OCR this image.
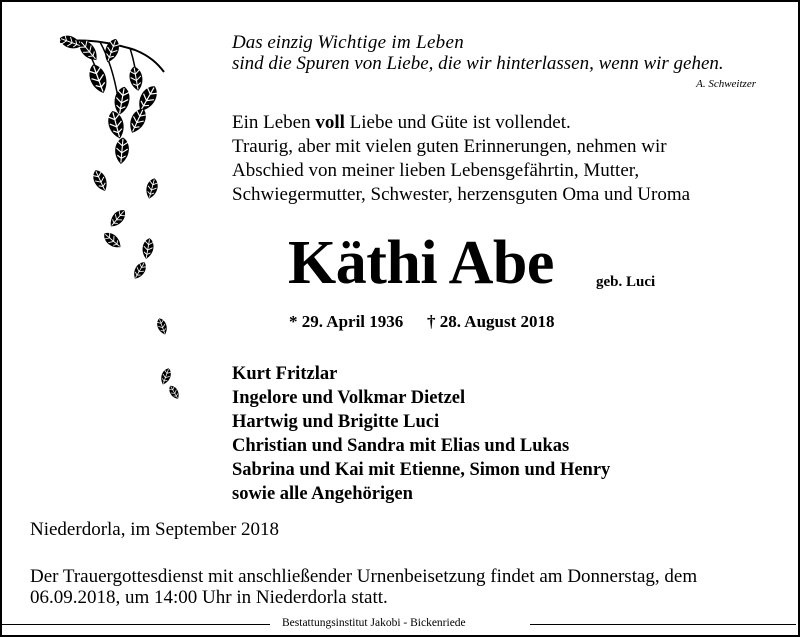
Das einzig Wichtige im Leben
sind die Spuren von Liebe, die wir hinterlassen, wenn wir gehen.
A. Schweitzer
Ein Leben voll Liebe und Güte ist vollendet.
Traurig, aber mit vielen guten Erinnerungen, nehmen wir
Abschied von meiner lieben Lebensgefährtin, Mutter,
Schwiegermutter, Schwester, herzensguten Oma und Uroma
Käthi Abe	geb. Luci
* 29. April 1936 † 28. August 2018
Kurt Fritzlar
Ingelore und Volkmar Dietzel
Hartwig und Brigitte Luci
Christian und Sandra mit Elias und Lukas
Sabrina und Kai mit Etienne, Simon und Henry
sowie alle Angehörigen
Niederdorla, im September 2018
Der Trauergottesdienst mit anschließender Urnenbeisetzung findet am Donnerstag, dem
06.09.2018, um 14:00 Uhr in Niederdorla statt.
Bestattungsinstitut Jakobi - Bickenriede
